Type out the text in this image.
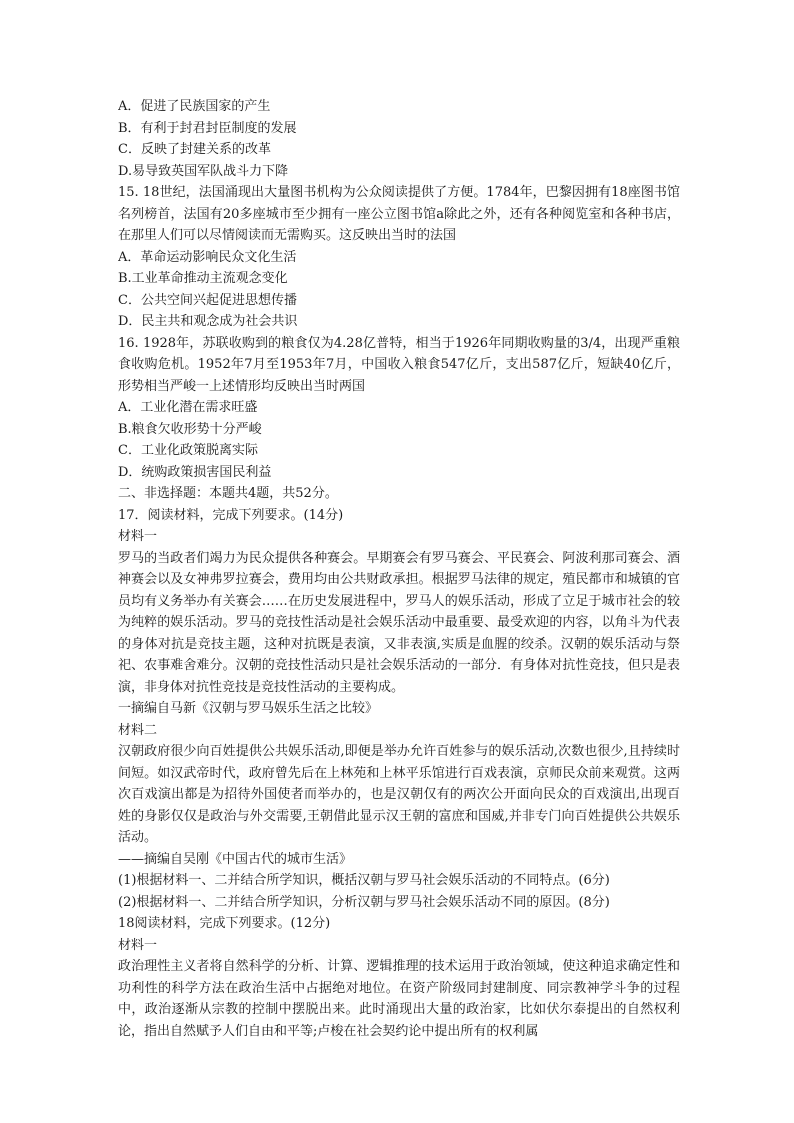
A．促进了民族国家的产生
B．有利于封君封臣制度的发展
C．反映了封建关系的改革
D.易导致英国军队战斗力下降
15. 18世纪，法国涌现出大量图书机构为公众阅读提供了方便。1784年，巴黎因拥有18座图书馆名列榜首，法国有20多座城市至少拥有一座公立图书馆a除此之外，还有各种阅览室和各种书店，在那里人们可以尽情阅读而无需购买。这反映出当时的法国
A．革命运动影响民众文化生活
B.工业革命推动主流观念变化
C．公共空间兴起促进思想传播
D．民主共和观念成为社会共识
16. 1928年，苏联收购到的粮食仅为4.28亿普特，相当于1926年同期收购量的3/4，出现严重粮食收购危机。1952年7月至1953年7月，中国收入粮食547亿斤，支出587亿斤，短缺40亿斤，形势相当严峻一上述情形均反映出当时两国
A．工业化潜在需求旺盛
B.粮食欠收形势十分严峻
C．工业化政策脱离实际
D．统购政策损害国民利益
二、非选择题：本题共4题，共52分。
17．阅读材料，完成下列要求。(14分)
材料一
罗马的当政者们竭力为民众提供各种赛会。早期赛会有罗马赛会、平民赛会、阿波利那司赛会、酒神赛会以及女神弗罗拉赛会，费用均由公共财政承担。根据罗马法律的规定，殖民都市和城镇的官员均有义务举办有关赛会……在历史发展进程中，罗马人的娱乐活动，形成了立足于城市社会的较为纯粹的娱乐活动。罗马的竞技性活动是社会娱乐活动中最重要、最受欢迎的内容，以角斗为代表的身体对抗是竞技主题，这种对抗既是表演，又非表演,实质是血腥的绞杀。汉朝的娱乐活动与祭祀、农事难舍难分。汉朝的竞技性活动只是社会娱乐活动的一部分．有身体对抗性竞技，但只是表演，非身体对抗性竞技是竞技性活动的主要构成。
一摘编自马新《汉朝与罗马娱乐生活之比较》
材料二
汉朝政府很少向百姓提供公共娱乐活动,即便是举办允许百姓参与的娱乐活动,次数也很少,且持续时间短。如汉武帝时代，政府曾先后在上林苑和上林平乐馆进行百戏表演，京师民众前来观赏。这两次百戏演出都是为招待外国使者而举办的，也是汉朝仅有的两次公开面向民众的百戏演出,出现百姓的身影仅仅是政治与外交需要,王朝借此显示汉王朝的富庶和国威,并非专门向百姓提供公共娱乐活动。
——摘编自吴刚《中国古代的城市生活》
(1)根据材料一、二并结合所学知识，概括汉朝与罗马社会娱乐活动的不同特点。(6分)
(2)根据材料一、二并结合所学知识，分析汉朝与罗马社会娱乐活动不同的原因。(8分)
18阅读材料，完成下列要求。(12分)
材料一
政治理性主义者将自然科学的分析、计算、逻辑推理的技术运用于政治领域，使这种追求确定性和功利性的科学方法在政治生活中占据绝对地位。在资产阶级同封建制度、同宗教神学斗争的过程中，政治逐渐从宗教的控制中摆脱出来。此时涌现出大量的政治家，比如伏尔泰提出的自然权利论，指出自然赋予人们自由和平等;卢梭在社会契约论中提出所有的权利属
